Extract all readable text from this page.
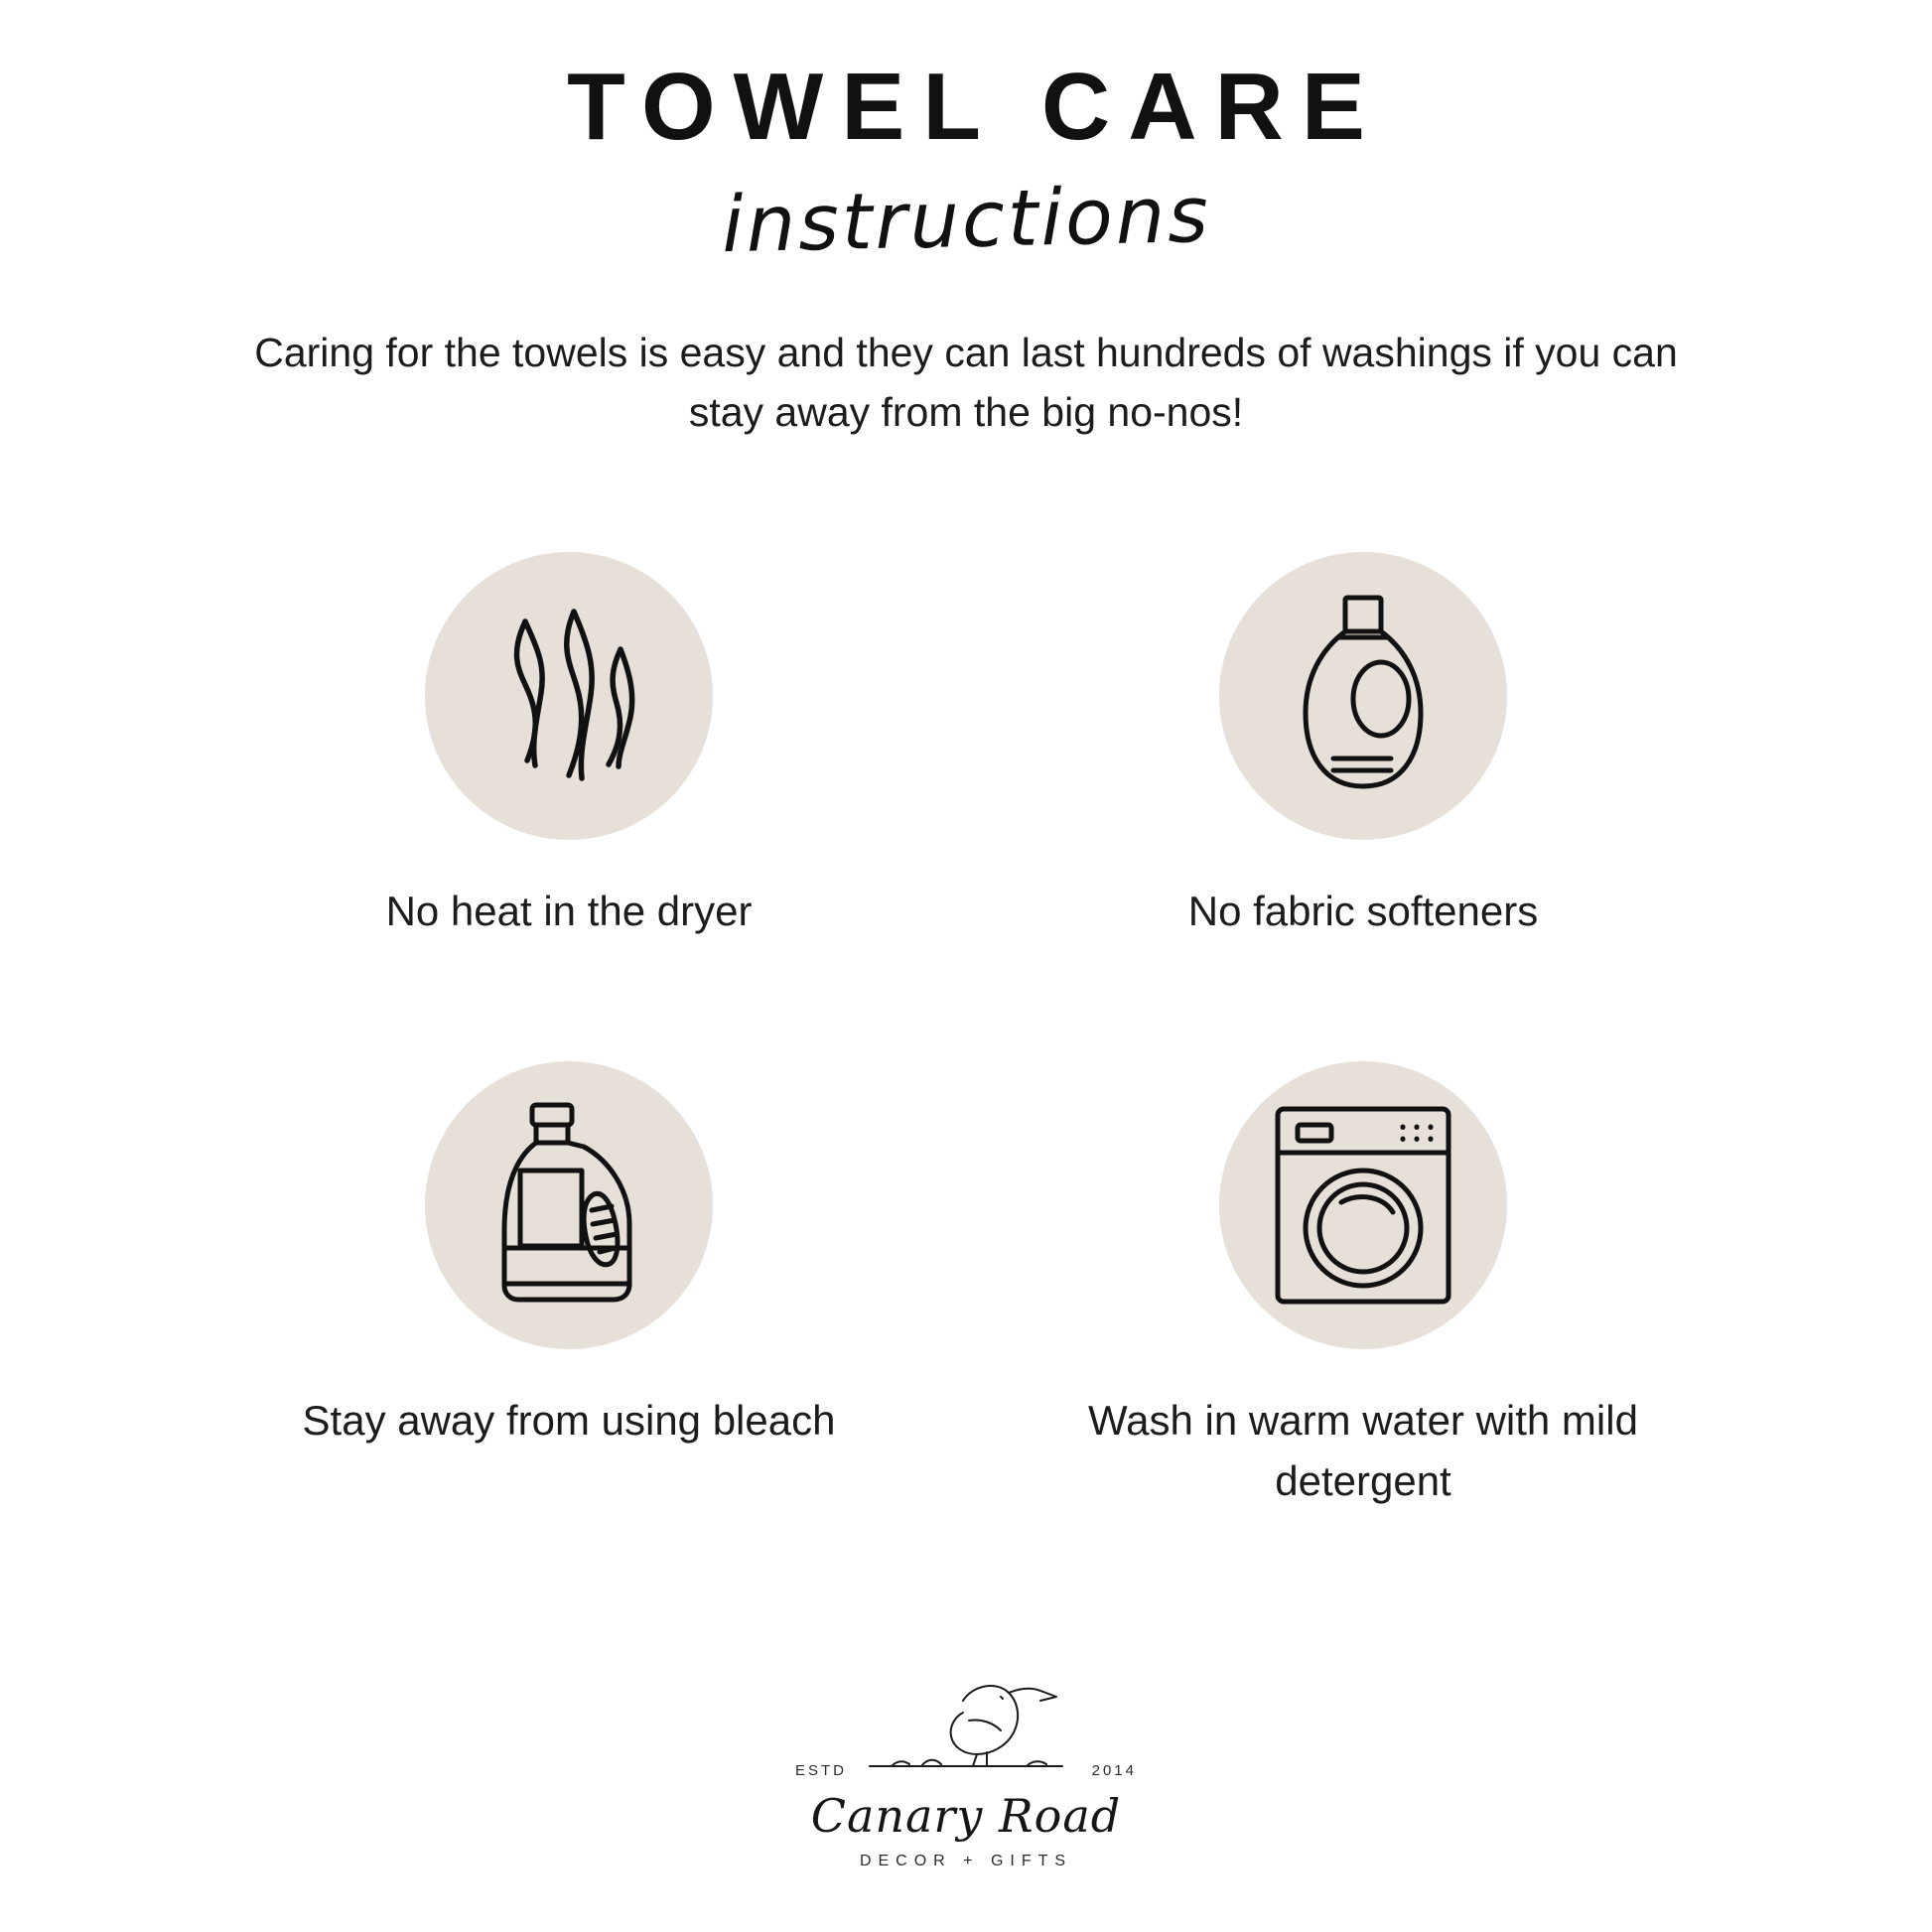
TOWEL CARE
instructions
Caring for the towels is easy and they can last hundreds of washings if you can stay away from the big no-nos!
No heat in the dryer	No fabric softeners
Stay away from using bleach	Wash in warm water with mild detergent
ESTD	2014
Canary Road
DECOR + GIFTS
